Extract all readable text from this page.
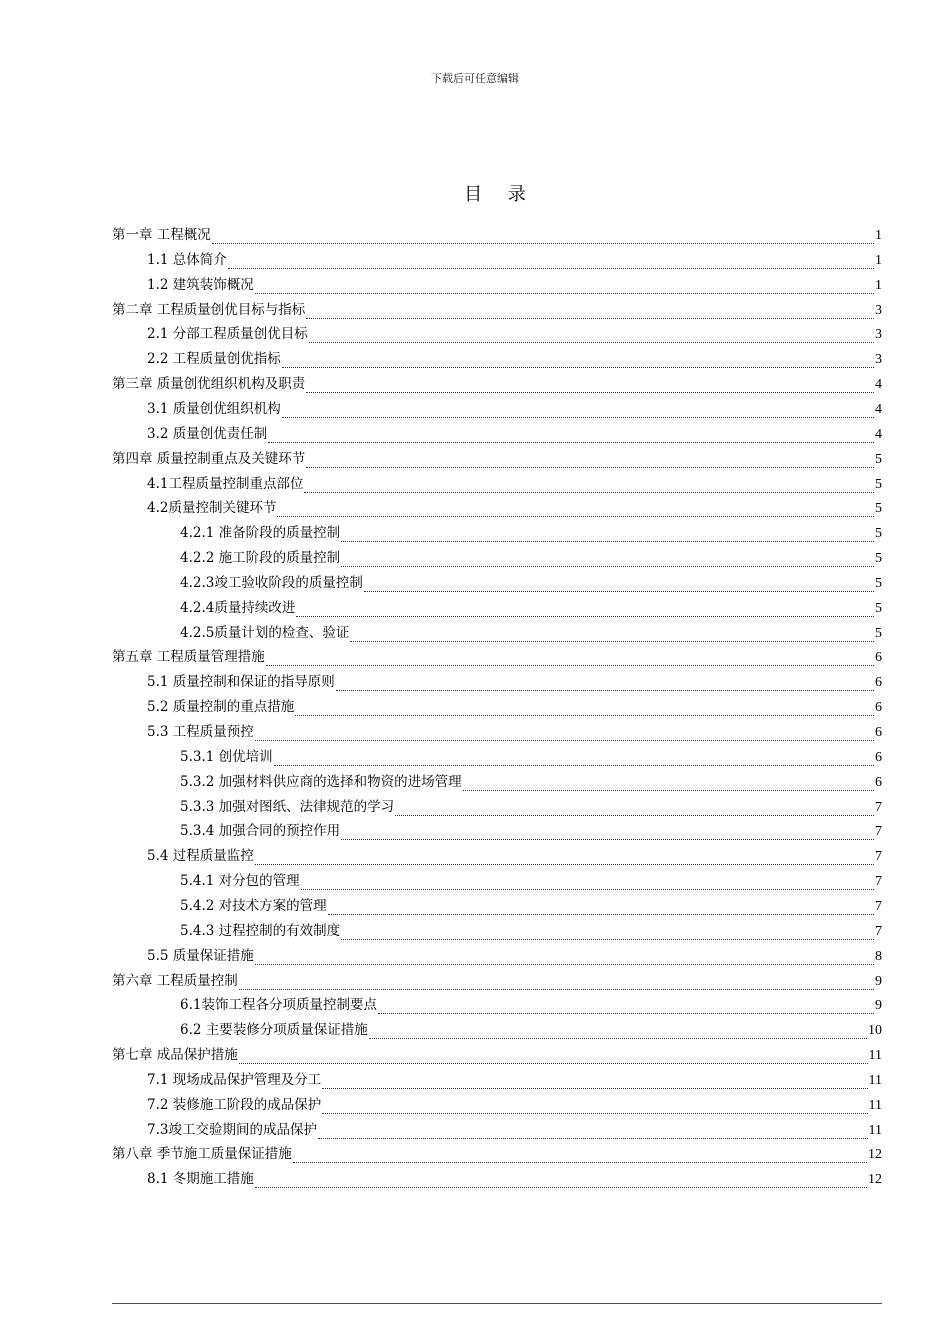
下载后可任意编辑
目 录
第一章 工程概况	1
1.1 总体简介	1
1.2 建筑装饰概况	1
第二章 工程质量创优目标与指标	3
2.1 分部工程质量创优目标	3
2.2 工程质量创优指标	3
第三章 质量创优组织机构及职责	4
3.1 质量创优组织机构	4
3.2 质量创优责任制	4
第四章 质量控制重点及关键环节	5
4.1工程质量控制重点部位	5
4.2质量控制关键环节	5
4.2.1 准备阶段的质量控制	5
4.2.2 施工阶段的质量控制	5
4.2.3竣工验收阶段的质量控制	5
4.2.4质量持续改进	5
4.2.5质量计划的检查、验证	5
第五章 工程质量管理措施	6
5.1 质量控制和保证的指导原则	6
5.2 质量控制的重点措施	6
5.3 工程质量预控	6
5.3.1 创优培训	6
5.3.2 加强材料供应商的选择和物资的进场管理	6
5.3.3 加强对图纸、法律规范的学习	7
5.3.4 加强合同的预控作用	7
5.4 过程质量监控	7
5.4.1 对分包的管理	7
5.4.2 对技术方案的管理	7
5.4.3 过程控制的有效制度	7
5.5 质量保证措施	8
第六章 工程质量控制	9
6.1装饰工程各分项质量控制要点	9
6.2 主要装修分项质量保证措施	10
第七章 成品保护措施	11
7.1 现场成品保护管理及分工	11
7.2 装修施工阶段的成品保护	11
7.3竣工交验期间的成品保护	11
第八章 季节施工质量保证措施	12
8.1 冬期施工措施	12
